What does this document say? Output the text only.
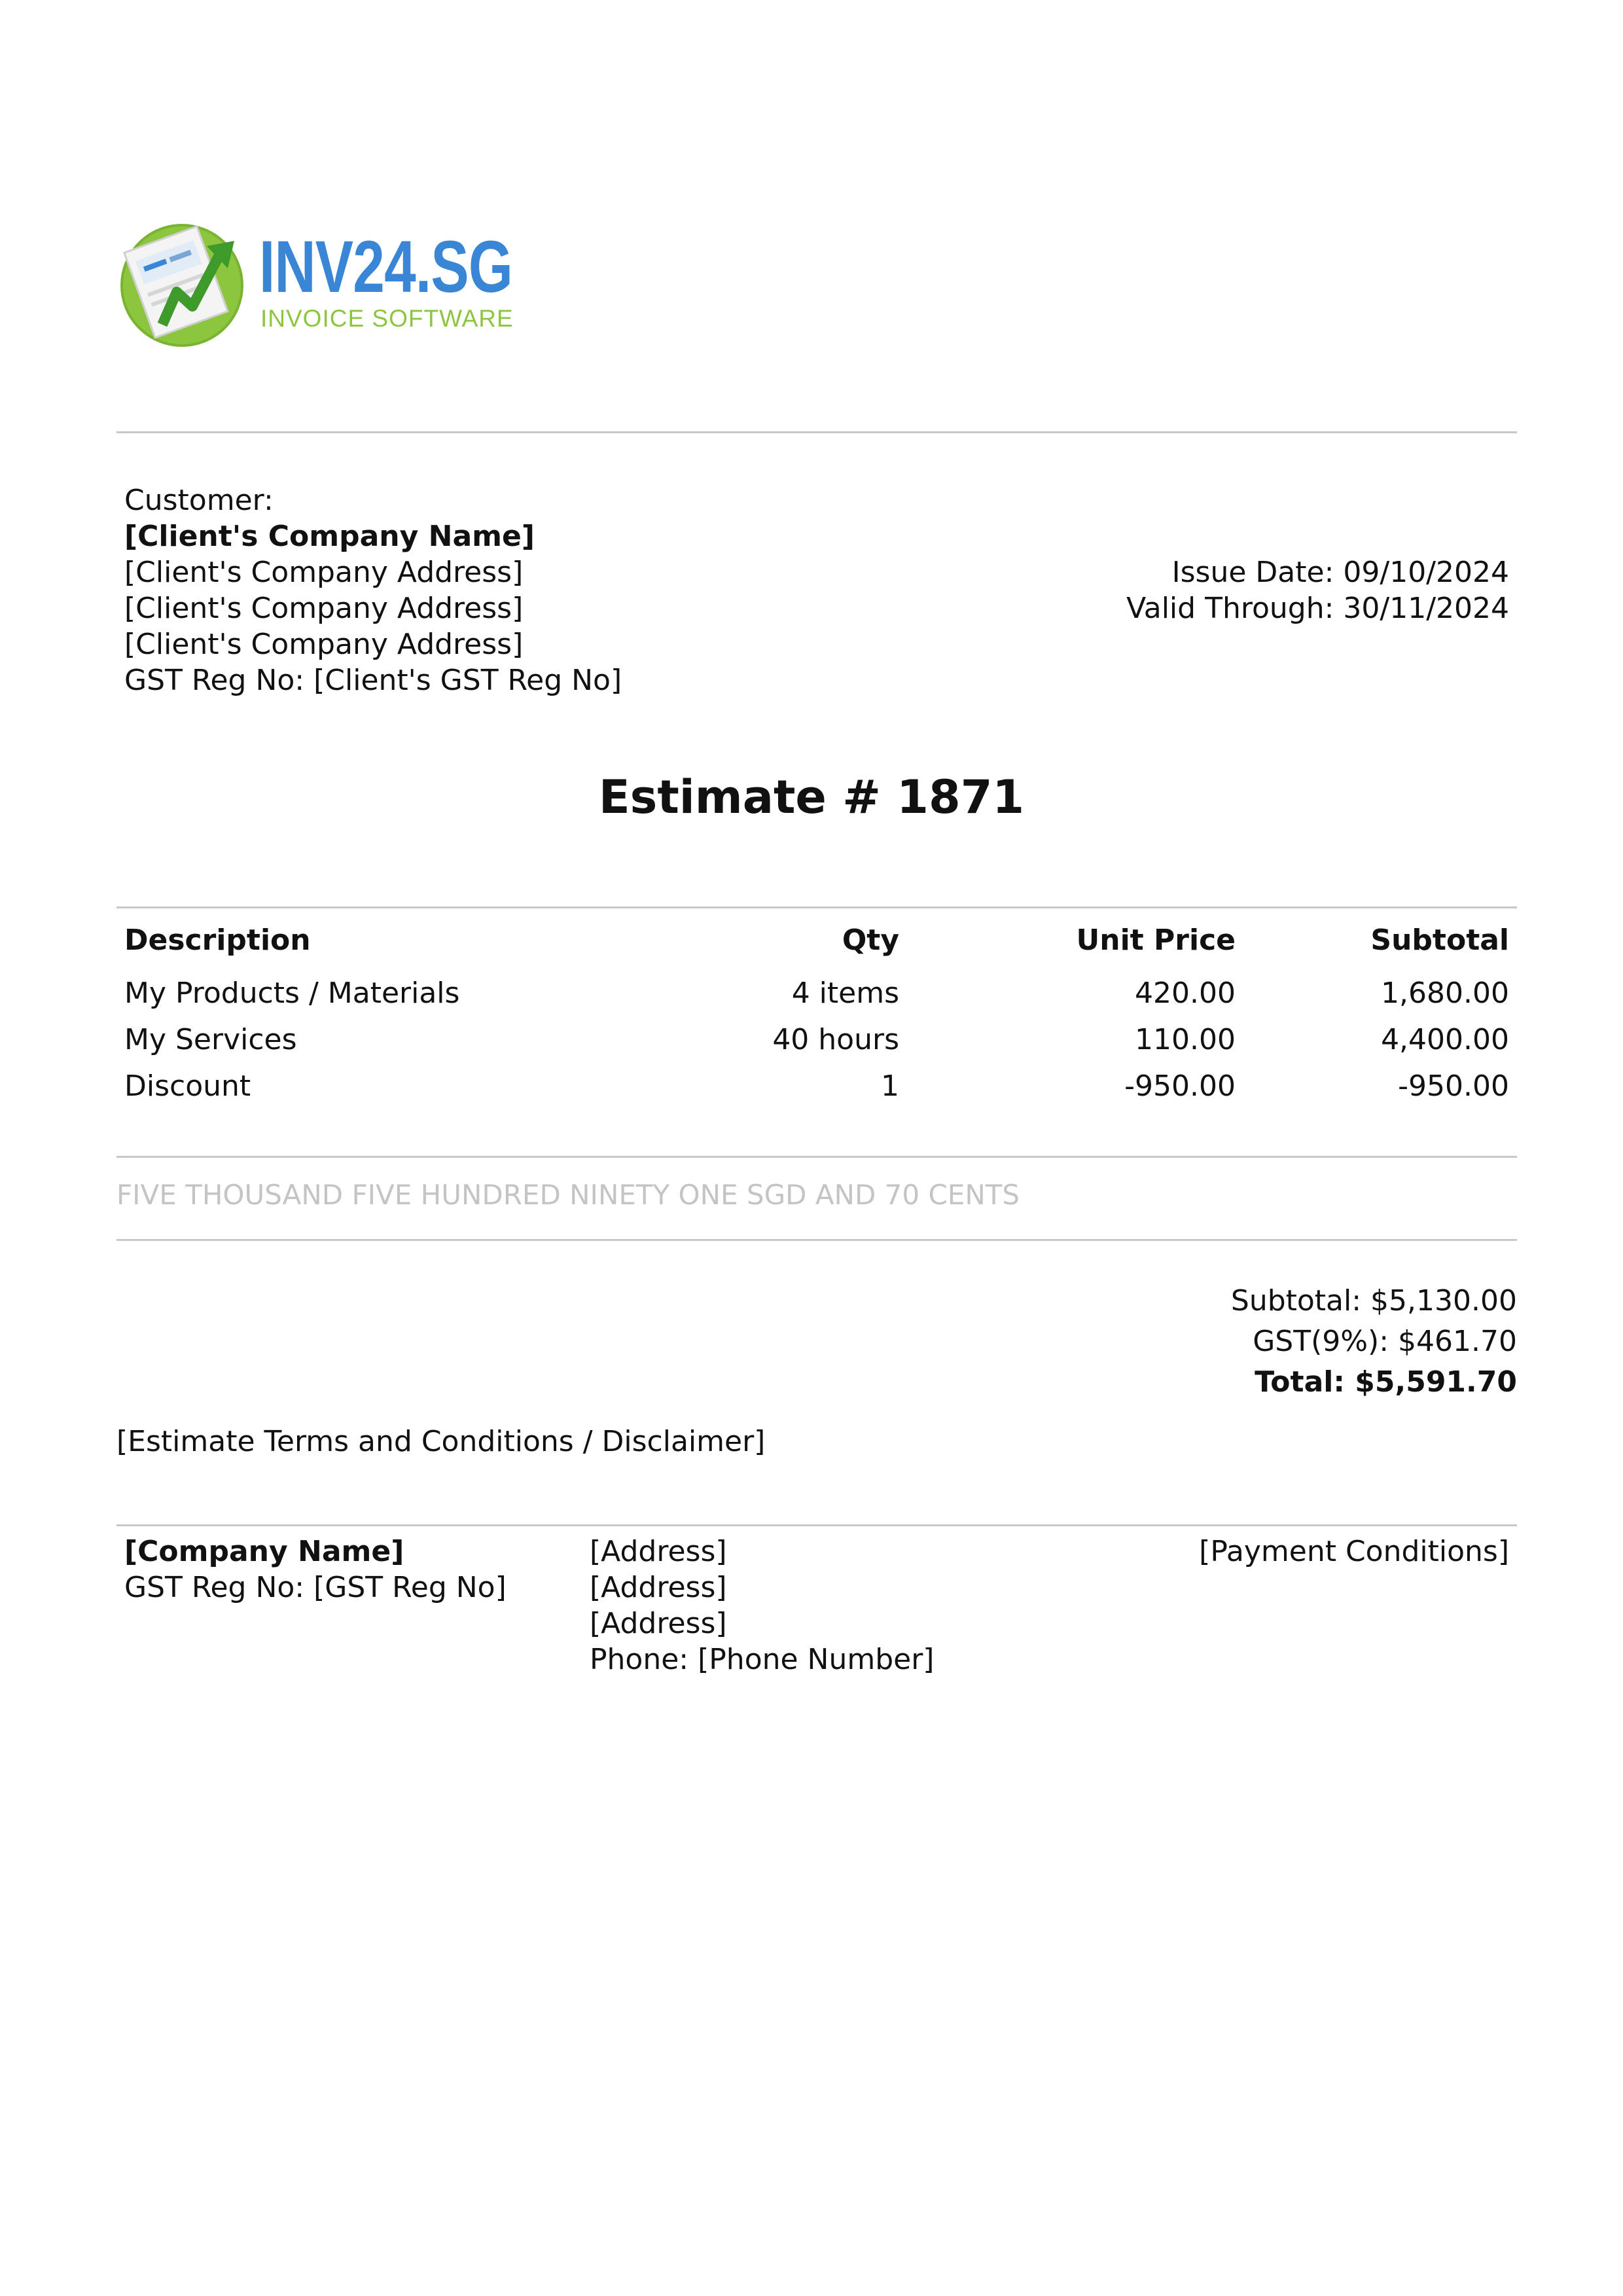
INV24.SG
INVOICE SOFTWARE
Customer:
[Client's Company Name]
[Client's Company Address]
[Client's Company Address]
[Client's Company Address]
GST Reg No: [Client's GST Reg No]
Issue Date: 09/10/2024
Valid Through: 30/11/2024
Estimate # 1871
Description	Qty	Unit Price	Subtotal
My Products / Materials	4 items	420.00	1,680.00
My Services	40 hours	110.00	4,400.00
Discount	1	-950.00	-950.00
FIVE THOUSAND FIVE HUNDRED NINETY ONE SGD AND 70 CENTS
Subtotal: $5,130.00
GST(9%): $461.70
Total: $5,591.70
[Estimate Terms and Conditions / Disclaimer]
[Company Name]
GST Reg No: [GST Reg No]
[Address]
[Address]
[Address]
Phone: [Phone Number]
[Payment Conditions]
